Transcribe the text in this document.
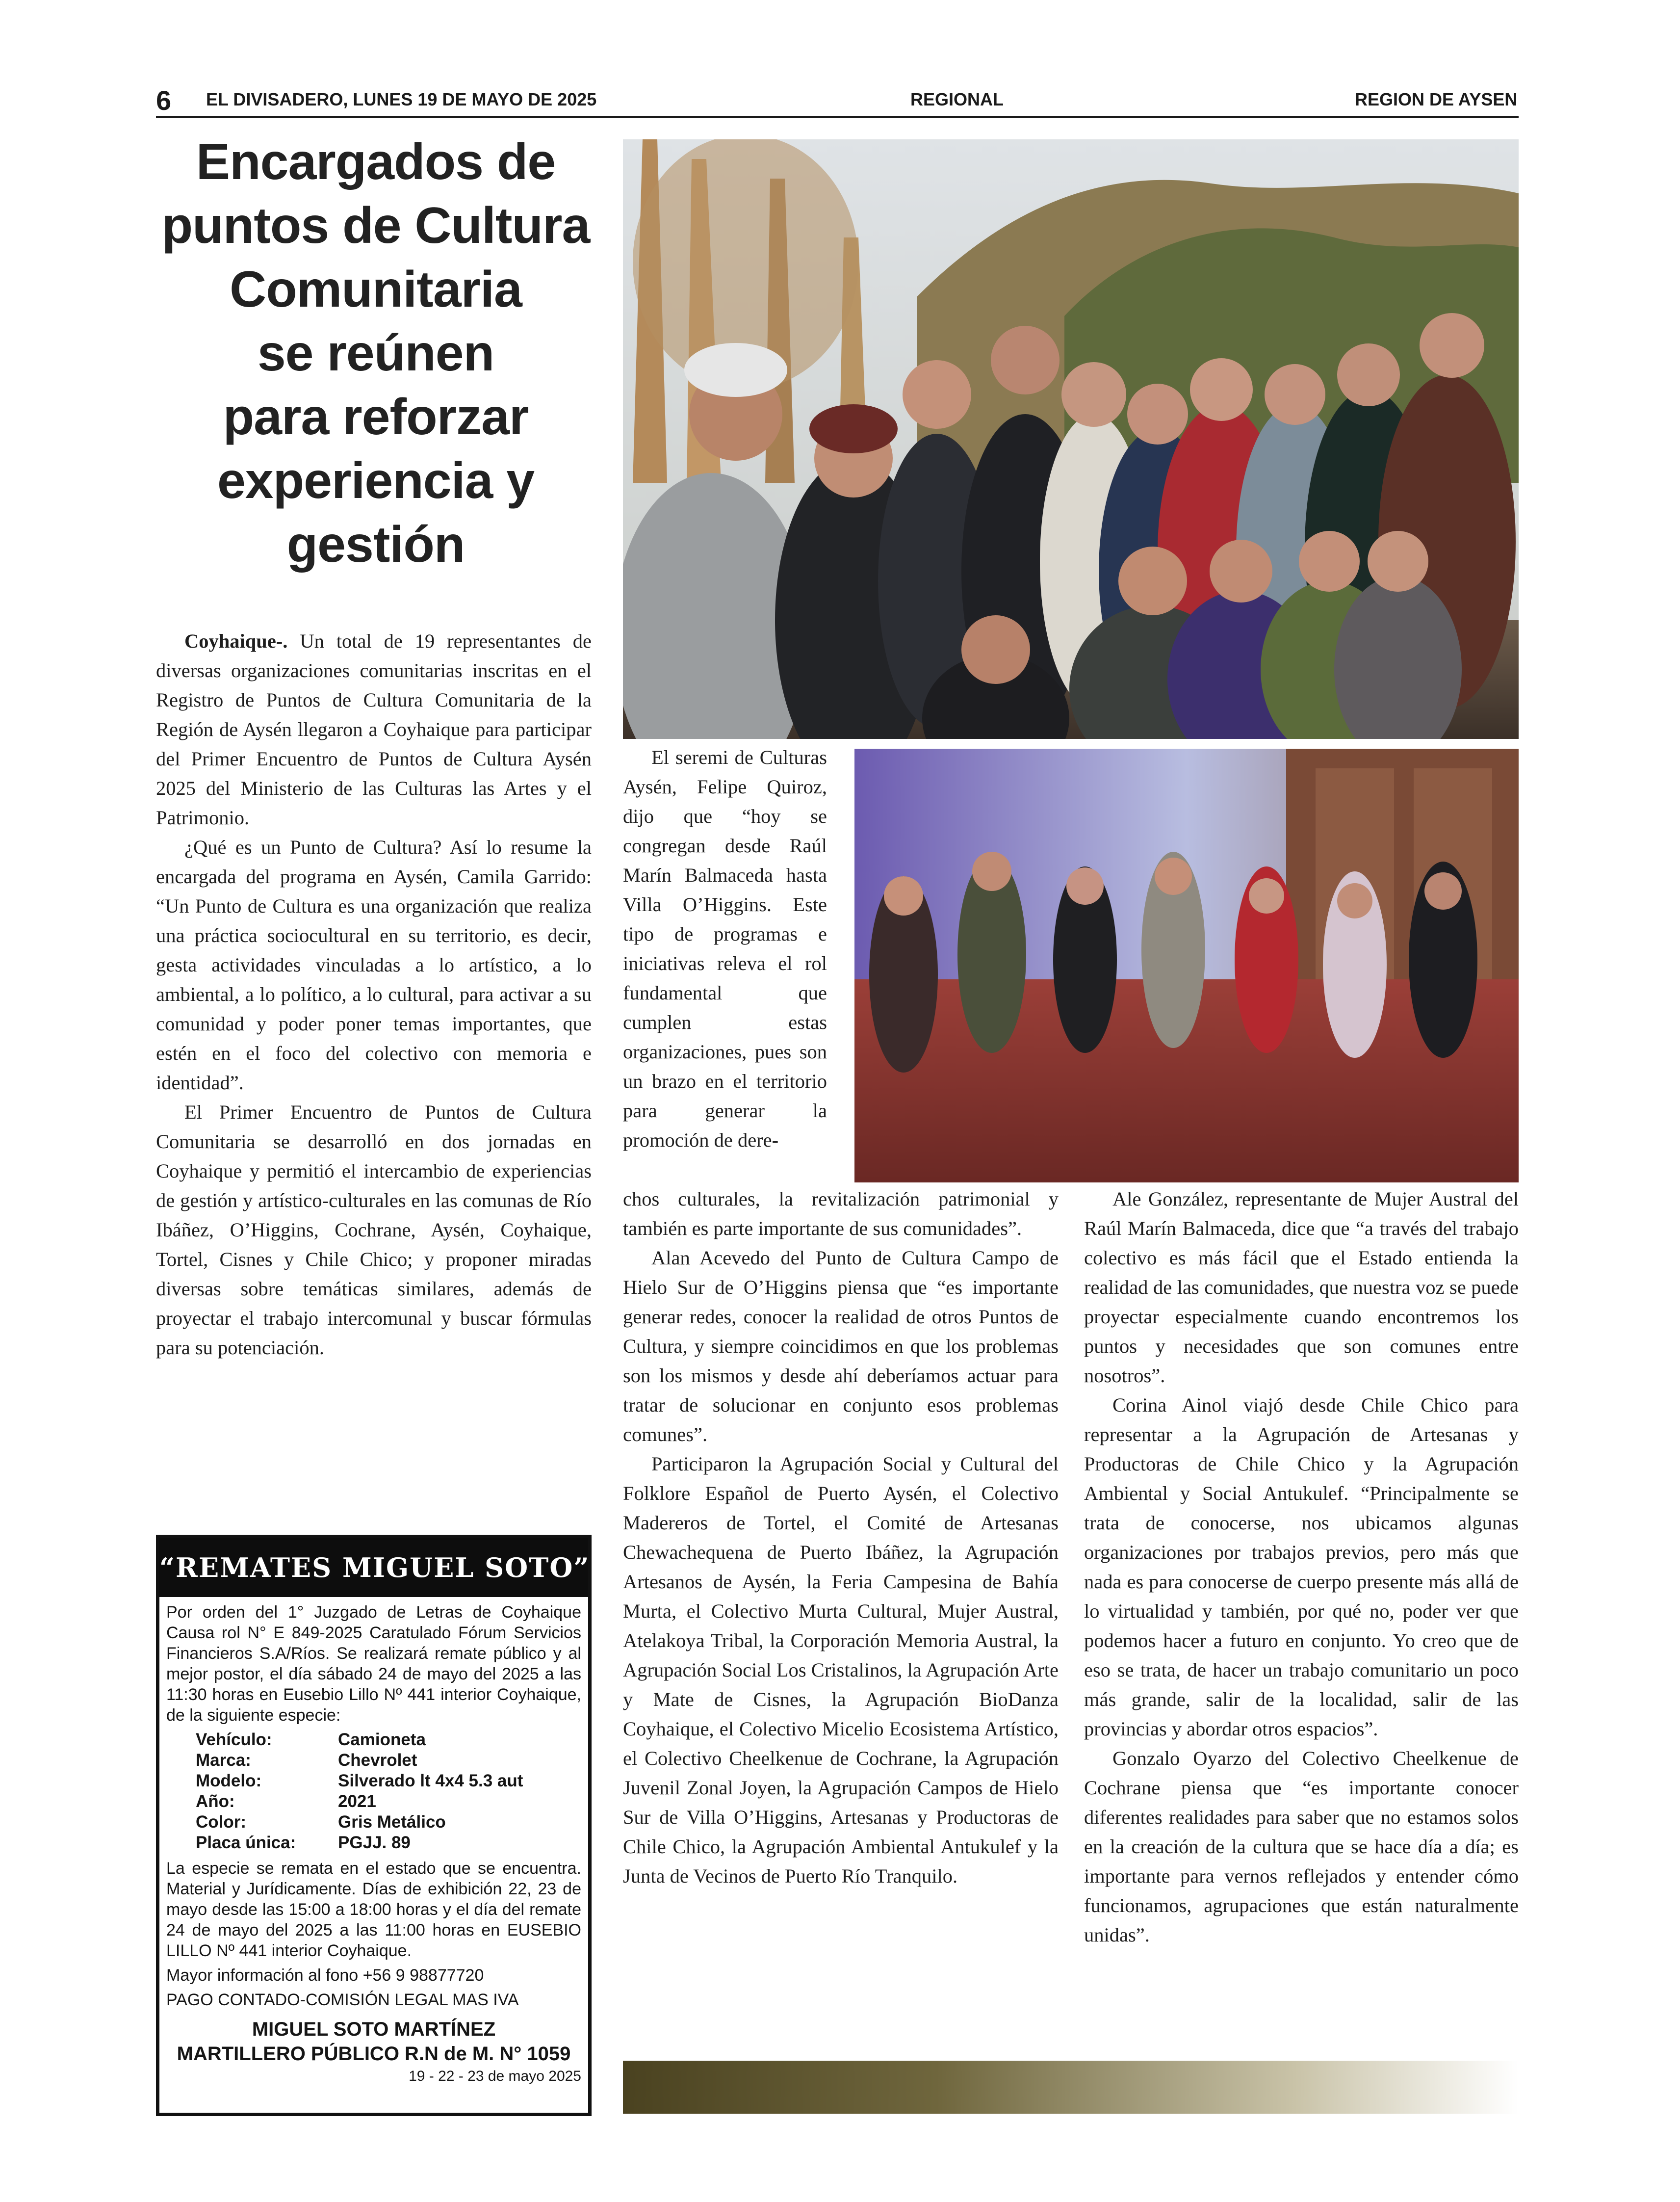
6 EL DIVISADERO, LUNES 19 DE MAYO DE 2025	REGIONAL	REGION DE AYSEN
Encargados de
puntos de Cultura
Comunitaria
se reúnen
para reforzar
experiencia y
gestión

Coyhaique-. Un total de 19 representantes de diversas organizaciones comunitarias inscritas en el Registro de Puntos de Cultura Comunitaria de la Región de Aysén llegaron a Coyhaique para participar del Primer Encuentro de Puntos de Cultura Aysén 2025 del Ministerio de las Culturas las Artes y el Patrimonio.

¿Qué es un Punto de Cultura? Así lo resume la encargada del programa en Aysén, Camila Garrido: “Un Punto de Cultura es una organización que realiza una práctica sociocultural en su territorio, es decir, gesta actividades vinculadas a lo artístico, a lo ambiental, a lo político, a lo cultural, para activar a su comunidad y poder poner temas importantes, que estén en el foco del colectivo con memoria e identidad”.

El Primer Encuentro de Puntos de Cultura Comunitaria se desarrolló en dos jornadas en Coyhaique y permitió el intercambio de experiencias de gestión y artístico-culturales en las comunas de Río Ibáñez, O’Higgins, Cochrane, Aysén, Coyhaique, Tortel, Cisnes y Chile Chico; y proponer miradas diversas sobre temáticas similares, además de proyectar el trabajo intercomunal y buscar fórmulas para su potenciación.

El seremi de Culturas Aysén, Felipe Quiroz, dijo que “hoy se congregan desde Raúl Marín Balmaceda hasta Villa O’Higgins. Este tipo de programas e iniciativas releva el rol fundamental que cumplen estas organizaciones, pues son un brazo en el territorio para generar la promoción de dere-

chos culturales, la revitalización patrimonial y también es parte importante de sus comunidades”.

Alan Acevedo del Punto de Cultura Campo de Hielo Sur de O’Higgins piensa que “es importante generar redes, conocer la realidad de otros Puntos de Cultura, y siempre coincidimos en que los problemas son los mismos y desde ahí deberíamos actuar para tratar de solucionar en conjunto esos problemas comunes”.

Participaron la Agrupación Social y Cultural del Folklore Español de Puerto Aysén, el Colectivo Madereros de Tortel, el Comité de Artesanas Chewachequena de Puerto Ibáñez, la Agrupación Artesanos de Aysén, la Feria Campesina de Bahía Murta, el Colectivo Murta Cultural, Mujer Austral, Atelakoya Tribal, la Corporación Memoria Austral, la Agrupación Social Los Cristalinos, la Agrupación Arte y Mate de Cisnes, la Agrupación BioDanza Coyhaique, el Colectivo Micelio Ecosistema Artístico, el Colectivo Cheelkenue de Cochrane, la Agrupación Juvenil Zonal Joyen, la Agrupación Campos de Hielo Sur de Villa O’Higgins, Artesanas y Productoras de Chile Chico, la Agrupación Ambiental Antukulef y la Junta de Vecinos de Puerto Río Tranquilo.

Ale González, representante de Mujer Austral del Raúl Marín Balmaceda, dice que “a través del trabajo colectivo es más fácil que el Estado entienda la realidad de las comunidades, que nuestra voz se puede proyectar especialmente cuando encontremos los puntos y necesidades que son comunes entre nosotros”.

Corina Ainol viajó desde Chile Chico para representar a la Agrupación de Artesanas y Productoras de Chile Chico y la Agrupación Ambiental y Social Antukulef. “Principalmente se trata de conocerse, nos ubicamos algunas organizaciones por trabajos previos, pero más que nada es para conocerse de cuerpo presente más allá de lo virtualidad y también, por qué no, poder ver que podemos hacer a futuro en conjunto. Yo creo que de eso se trata, de hacer un trabajo comunitario un poco más grande, salir de la localidad, salir de las provincias y abordar otros espacios”.

Gonzalo Oyarzo del Colectivo Cheelkenue de Cochrane piensa que “es importante conocer diferentes realidades para saber que no estamos solos en la creación de la cultura que se hace día a día; es importante para vernos reflejados y entender cómo funcionamos, agrupaciones que están naturalmente unidas”.

“REMATES MIGUEL SOTO”

Por orden del 1° Juzgado de Letras de Coyhaique Causa rol N° E 849-2025 Caratulado Fórum Servicios Financieros S.A/Ríos. Se realizará remate público y al mejor postor, el día sábado 24 de mayo del 2025 a las 11:30 horas en Eusebio Lillo Nº 441 interior Coyhaique, de la siguiente especie:

Vehículo:	Camioneta
Marca:	Chevrolet
Modelo:	Silverado lt 4x4 5.3 aut
Año:	2021
Color:	Gris Metálico
Placa única:	PGJJ. 89

La especie se remata en el estado que se encuentra. Material y Jurídicamente. Días de exhibición 22, 23 de mayo desde las 15:00 a 18:00 horas y el día del remate 24 de mayo del 2025 a las 11:00 horas en EUSEBIO LILLO Nº 441 interior Coyhaique.

Mayor información al fono +56 9 98877720

PAGO CONTADO-COMISIÓN LEGAL MAS IVA

MIGUEL SOTO MARTÍNEZ
MARTILLERO PÚBLICO R.N de M. N° 1059
19 - 22 - 23 de mayo 2025
